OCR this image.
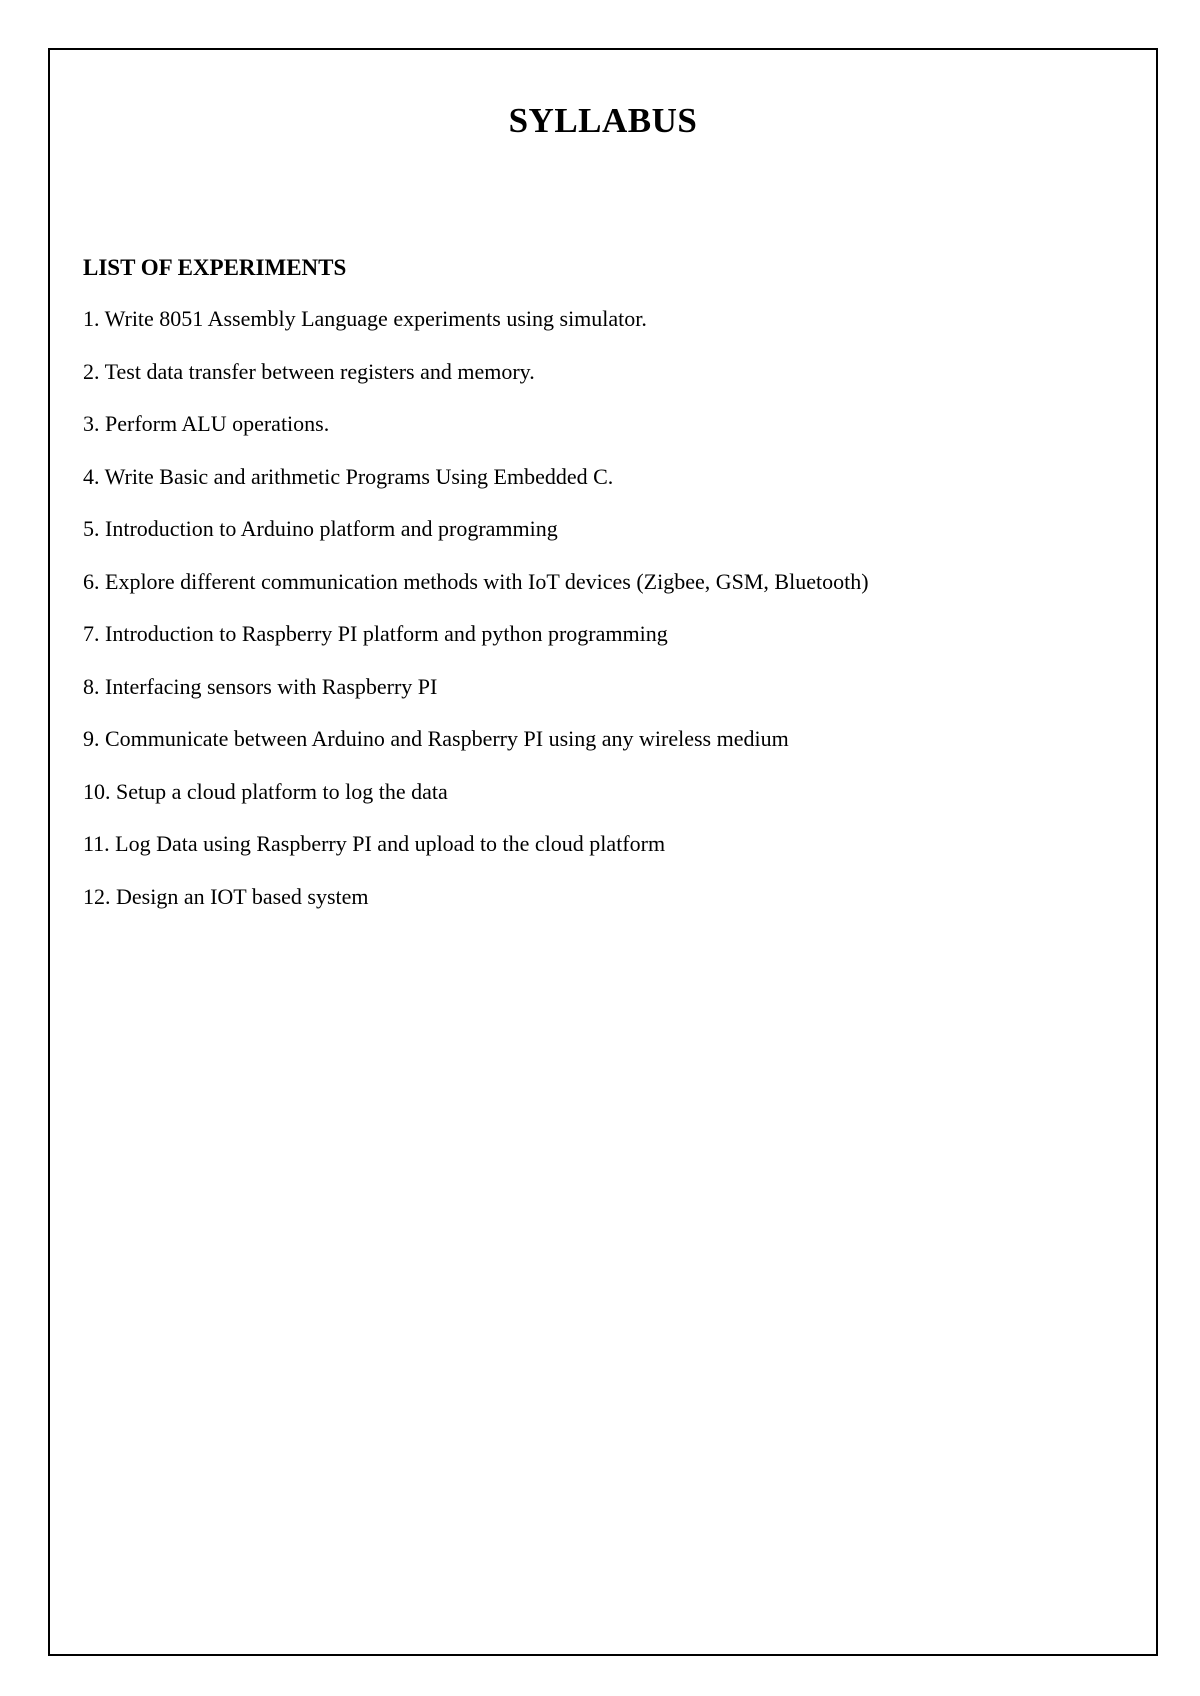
SYLLABUS
LIST OF EXPERIMENTS
1. Write 8051 Assembly Language experiments using simulator.
2. Test data transfer between registers and memory.
3. Perform ALU operations.
4. Write Basic and arithmetic Programs Using Embedded C.
5. Introduction to Arduino platform and programming
6. Explore different communication methods with IoT devices (Zigbee, GSM, Bluetooth)
7. Introduction to Raspberry PI platform and python programming
8. Interfacing sensors with Raspberry PI
9. Communicate between Arduino and Raspberry PI using any wireless medium
10. Setup a cloud platform to log the data
11. Log Data using Raspberry PI and upload to the cloud platform
12. Design an IOT based system
